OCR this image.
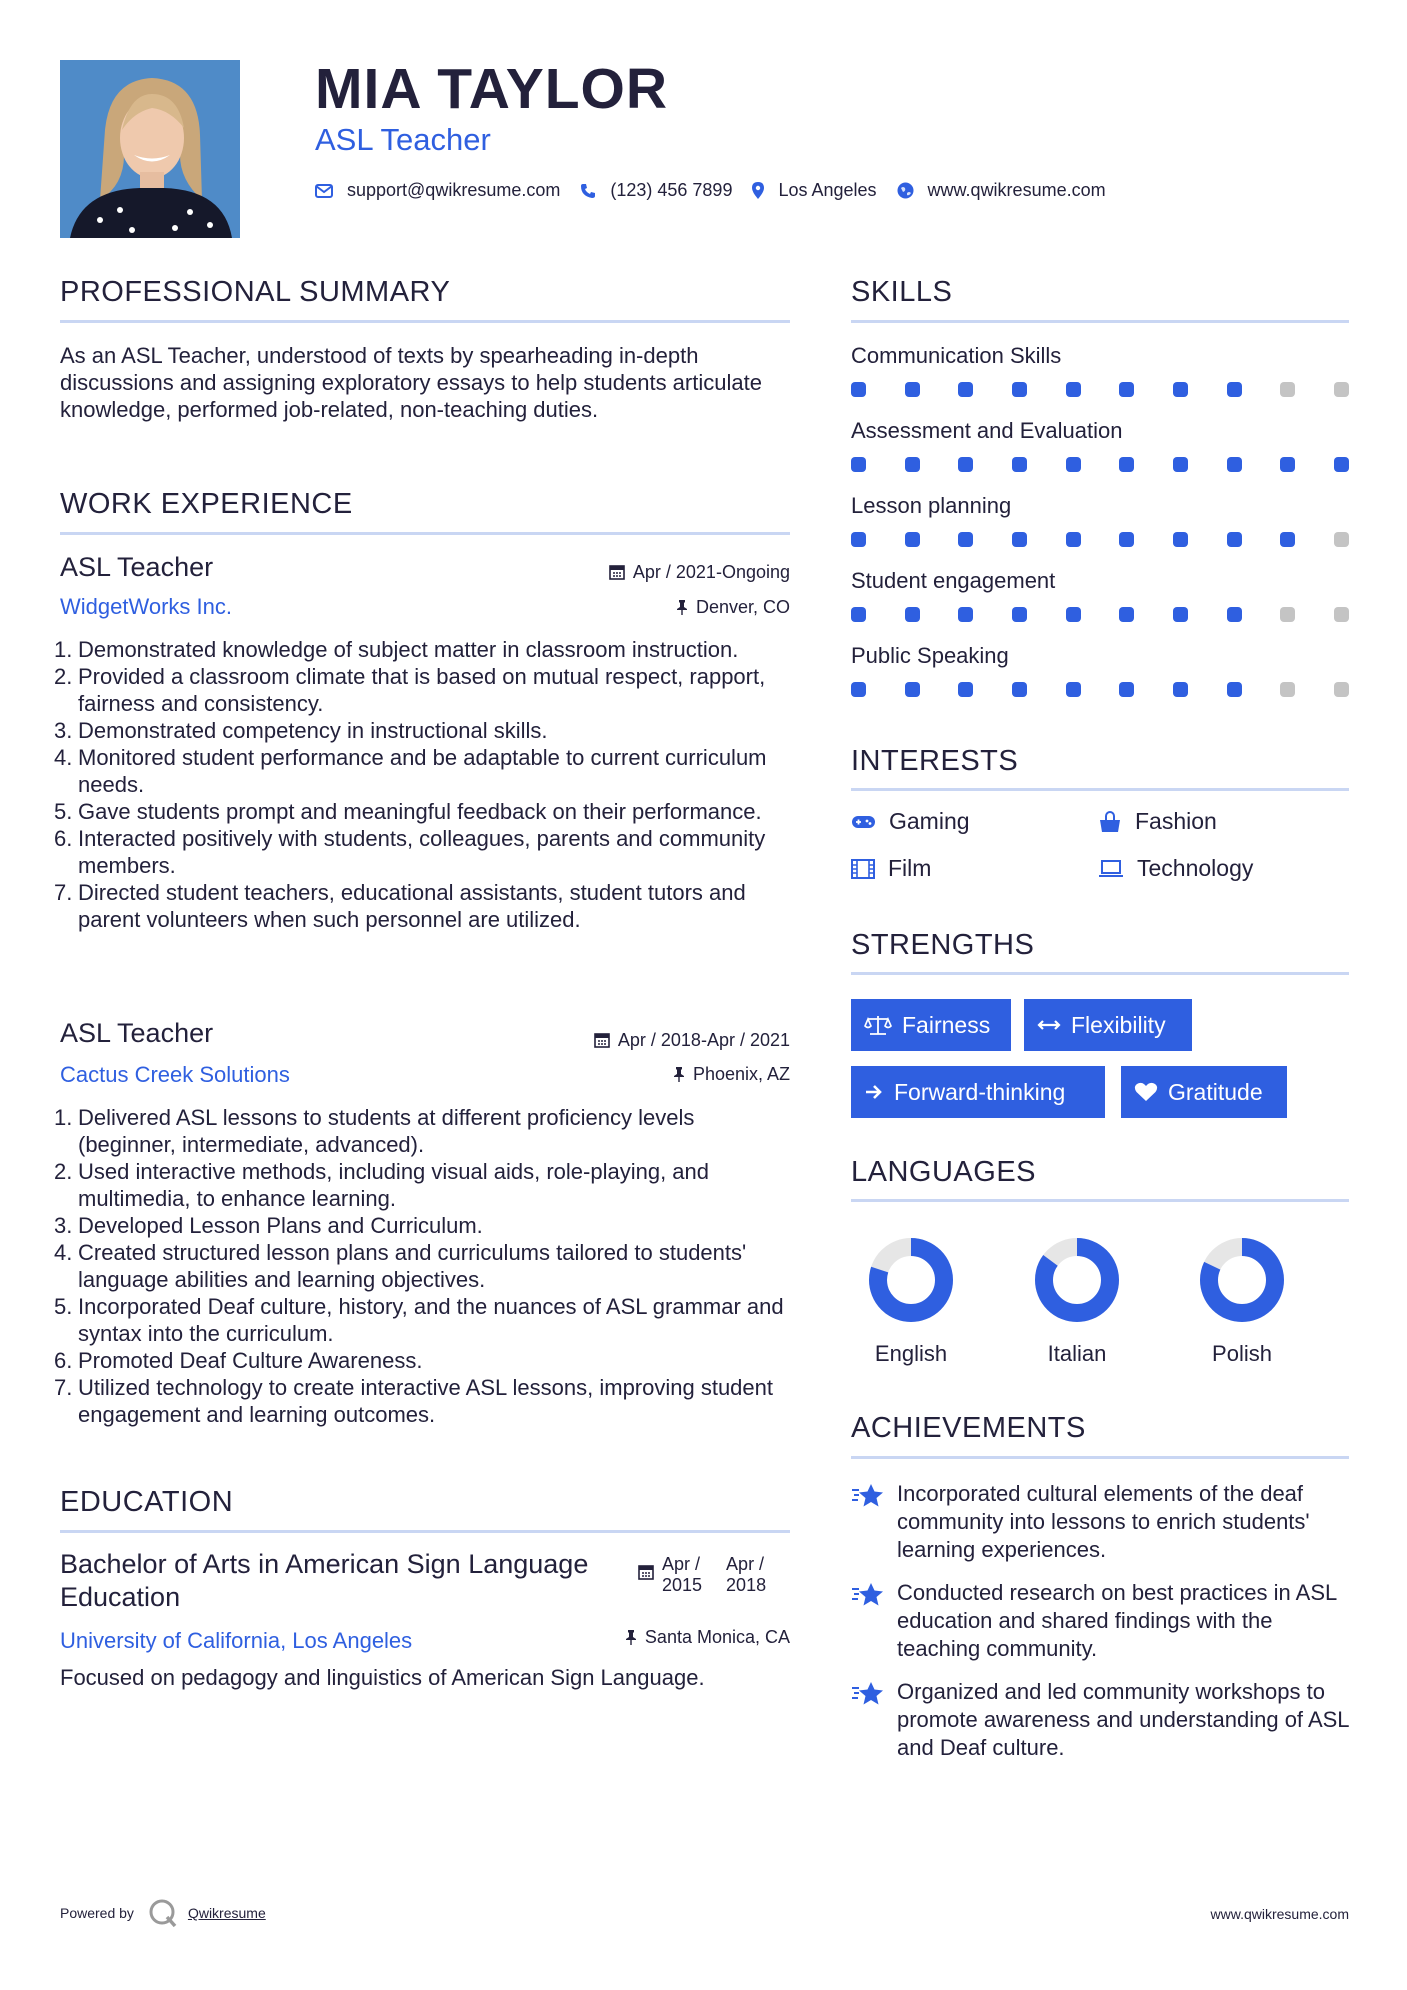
MIA TAYLOR
ASL Teacher
support@qwikresume.com	(123) 456 7899	Los Angeles	www.qwikresume.com
PROFESSIONAL SUMMARY
As an ASL Teacher, understood of texts by spearheading in-depth discussions and assigning exploratory essays to help students articulate knowledge, performed job-related, non-teaching duties.
WORK EXPERIENCE
ASL Teacher	Apr / 2021-Ongoing
WidgetWorks Inc.	Denver, CO
1. Demonstrated knowledge of subject matter in classroom instruction.
2. Provided a classroom climate that is based on mutual respect, rapport, fairness and consistency.
3. Demonstrated competency in instructional skills.
4. Monitored student performance and be adaptable to current curriculum needs.
5. Gave students prompt and meaningful feedback on their performance.
6. Interacted positively with students, colleagues, parents and community members.
7. Directed student teachers, educational assistants, student tutors and parent volunteers when such personnel are utilized.
ASL Teacher	Apr / 2018-Apr / 2021
Cactus Creek Solutions	Phoenix, AZ
1. Delivered ASL lessons to students at different proficiency levels (beginner, intermediate, advanced).
2. Used interactive methods, including visual aids, role-playing, and multimedia, to enhance learning.
3. Developed Lesson Plans and Curriculum.
4. Created structured lesson plans and curriculums tailored to students' language abilities and learning objectives.
5. Incorporated Deaf culture, history, and the nuances of ASL grammar and syntax into the curriculum.
6. Promoted Deaf Culture Awareness.
7. Utilized technology to create interactive ASL lessons, improving student engagement and learning outcomes.
EDUCATION
Bachelor of Arts in American Sign Language Education
Apr /
2015
Apr /
2018
University of California, Los Angeles	Santa Monica, CA
Focused on pedagogy and linguistics of American Sign Language.
SKILLS
Communication Skills
Assessment and Evaluation
Lesson planning
Student engagement
Public Speaking
INTERESTS
Gaming	Fashion
Film	Technology
STRENGTHS
Fairness	Flexibility
Forward-thinking	Gratitude
LANGUAGES
English	Italian	Polish
ACHIEVEMENTS
Incorporated cultural elements of the deaf community into lessons to enrich students' learning experiences.
Conducted research on best practices in ASL education and shared findings with the teaching community.
Organized and led community workshops to promote awareness and understanding of ASL and Deaf culture.
Powered by	Qwikresume	www.qwikresume.com
